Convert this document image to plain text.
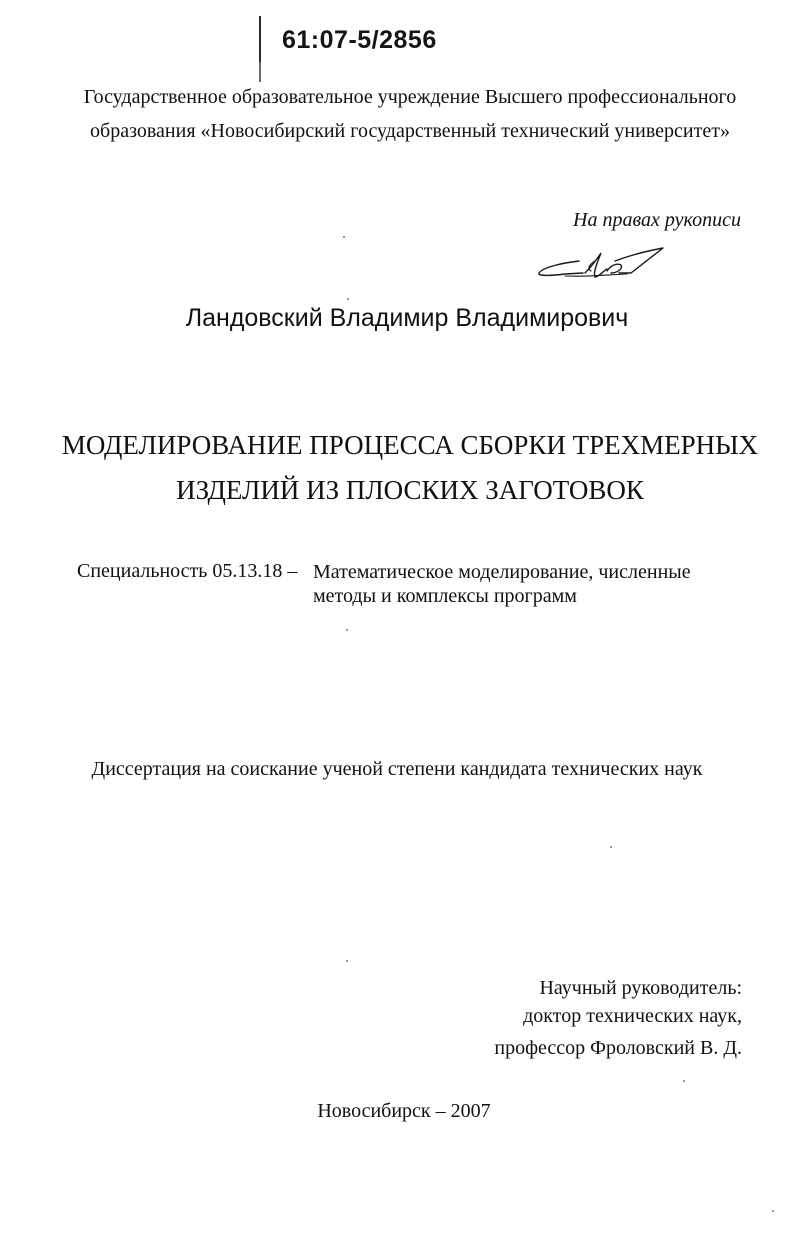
61:07-5/2856
Государственное образовательное учреждение Высшего профессионального
образования «Новосибирский государственный технический университет»
На правах рукописи
Ландовский Владимир Владимирович
МОДЕЛИРОВАНИЕ ПРОЦЕССА СБОРКИ ТРЕХМЕРНЫХ
ИЗДЕЛИЙ ИЗ ПЛОСКИХ ЗАГОТОВОК
Специальность 05.13.18 – Математическое моделирование, численные
методы и комплексы программ
Диссертация на соискание ученой степени кандидата технических наук
Научный руководитель:
доктор технических наук,
профессор Фроловский В. Д.
Новосибирск – 2007
